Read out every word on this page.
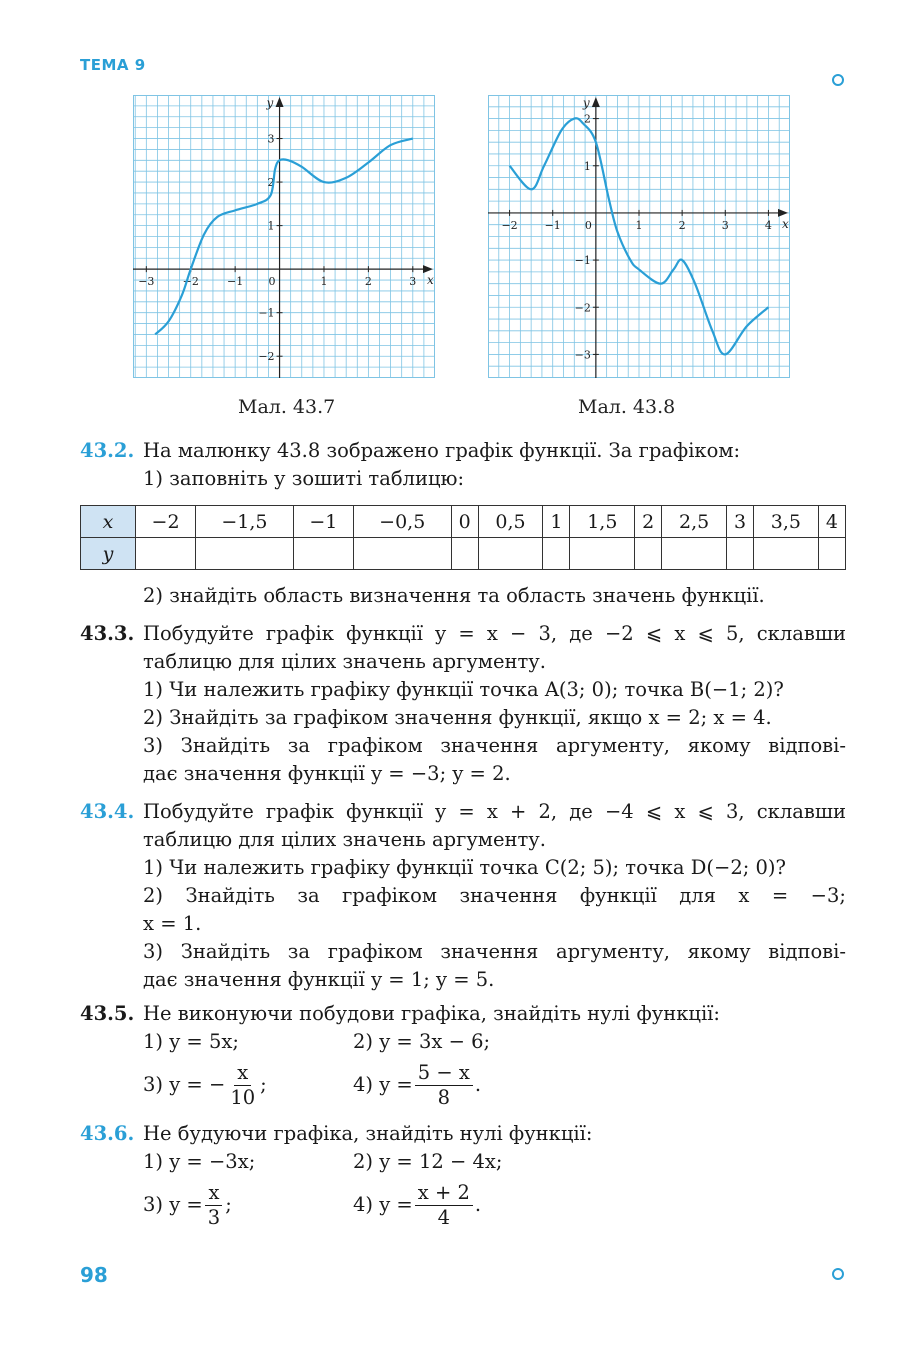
ТЕМА 9
x
y
−3	−2	−1 0	1	2	3
3
2
1
−1
−2
x
y
−2 −1 0	1	2	3	4
2
1
−1
−2
−3
Мал. 43.7	Мал. 43.8
43.2. На малюнку 43.8 зображено графік функції. За графіком:
1) заповніть у зошиті таблицю:
x	−2	−1,5	−1	−0,5	0	0,5	1	1,5	2	2,5	3	3,5	4
y													
2) знайдіть область визначення та область значень функції.
43.3. Побудуйте графік функції y = x − 3, де −2 ⩽ x ⩽ 5, склавши
таблицю для цілих значень аргументу.
1) Чи належить графіку функції точка A(3; 0); точка B(−1; 2)?
2) Знайдіть за графіком значення функції, якщо x = 2; x = 4.
3) Знайдіть за графіком значення аргументу, якому відпові-
дає значення функції y = −3; y = 2.
43.4. Побудуйте графік функції y = x + 2, де −4 ⩽ x ⩽ 3, склавши
таблицю для цілих значень аргументу.
1) Чи належить графіку функції точка C(2; 5); точка D(−2; 0)?
2) Знайдіть за графіком значення функції для x = −3;
x = 1.
3) Знайдіть за графіком значення аргументу, якому відпові-
дає значення функції y = 1; y = 5.
43.5. Не виконуючи побудови графіка, знайдіть нулі функції:
1) y = 5x;	2) y = 3x − 6;
3) y = − $\frac{x}{10}$ ;	4) $y = \frac{5 - x}{8}$ .
43.6. Не будуючи графіка, знайдіть нулі функції:
1) y = −3x;	2) y = 12 − 4x;
3) $y = \frac{x}{3}$ ;	4) $y = \frac{x + 2}{4}$ .
98
